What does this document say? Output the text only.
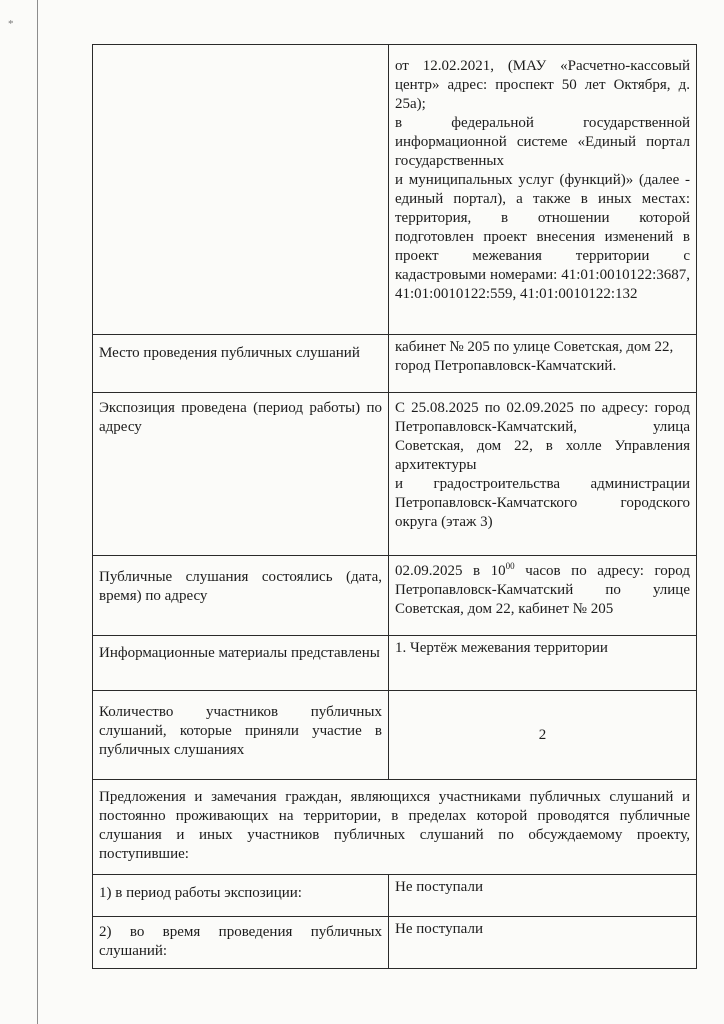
*
	от 12.02.2021, (МАУ «Расчетно-кассовый центр» адрес: проспект 50 лет Октября, д. 25а);
в федеральной государственной информационной системе «Единый портал государственных
и муниципальных услуг (функций)» (далее - единый портал), а также в иных местах: территория, в отношении которой подготовлен проект внесения изменений в проект межевания территории с кадастровыми номерами: 41:01:0010122:3687, 41:01:0010122:559, 41:01:0010122:132
Место проведения публичных слушаний	кабинет № 205 по улице Советская, дом 22, город Петропавловск-Камчатский.
Экспозиция проведена (период работы) по адресу	С 25.08.2025 по 02.09.2025 по адресу: город Петропавловск-Камчатский, улица Советская, дом 22, в холле Управления архитектуры
и градостроительства администрации Петропавловск-Камчатского городского округа (этаж 3)
Публичные слушания состоялись (дата, время) по адресу	02.09.2025 в $10^{00}$ часов по адресу: город Петропавловск-Камчатский по улице Советская, дом 22, кабинет № 205
Информационные материалы представлены	1. Чертёж межевания территории
Количество участников публичных слушаний, которые приняли участие в публичных слушаниях	2
Предложения и замечания граждан, являющихся участниками публичных слушаний и постоянно проживающих на территории, в пределах которой проводятся публичные слушания и иных участников публичных слушаний по обсуждаемому проекту, поступившие:	
1) в период работы экспозиции:	Не поступали
2) во время проведения публичных слушаний:	Не поступали
